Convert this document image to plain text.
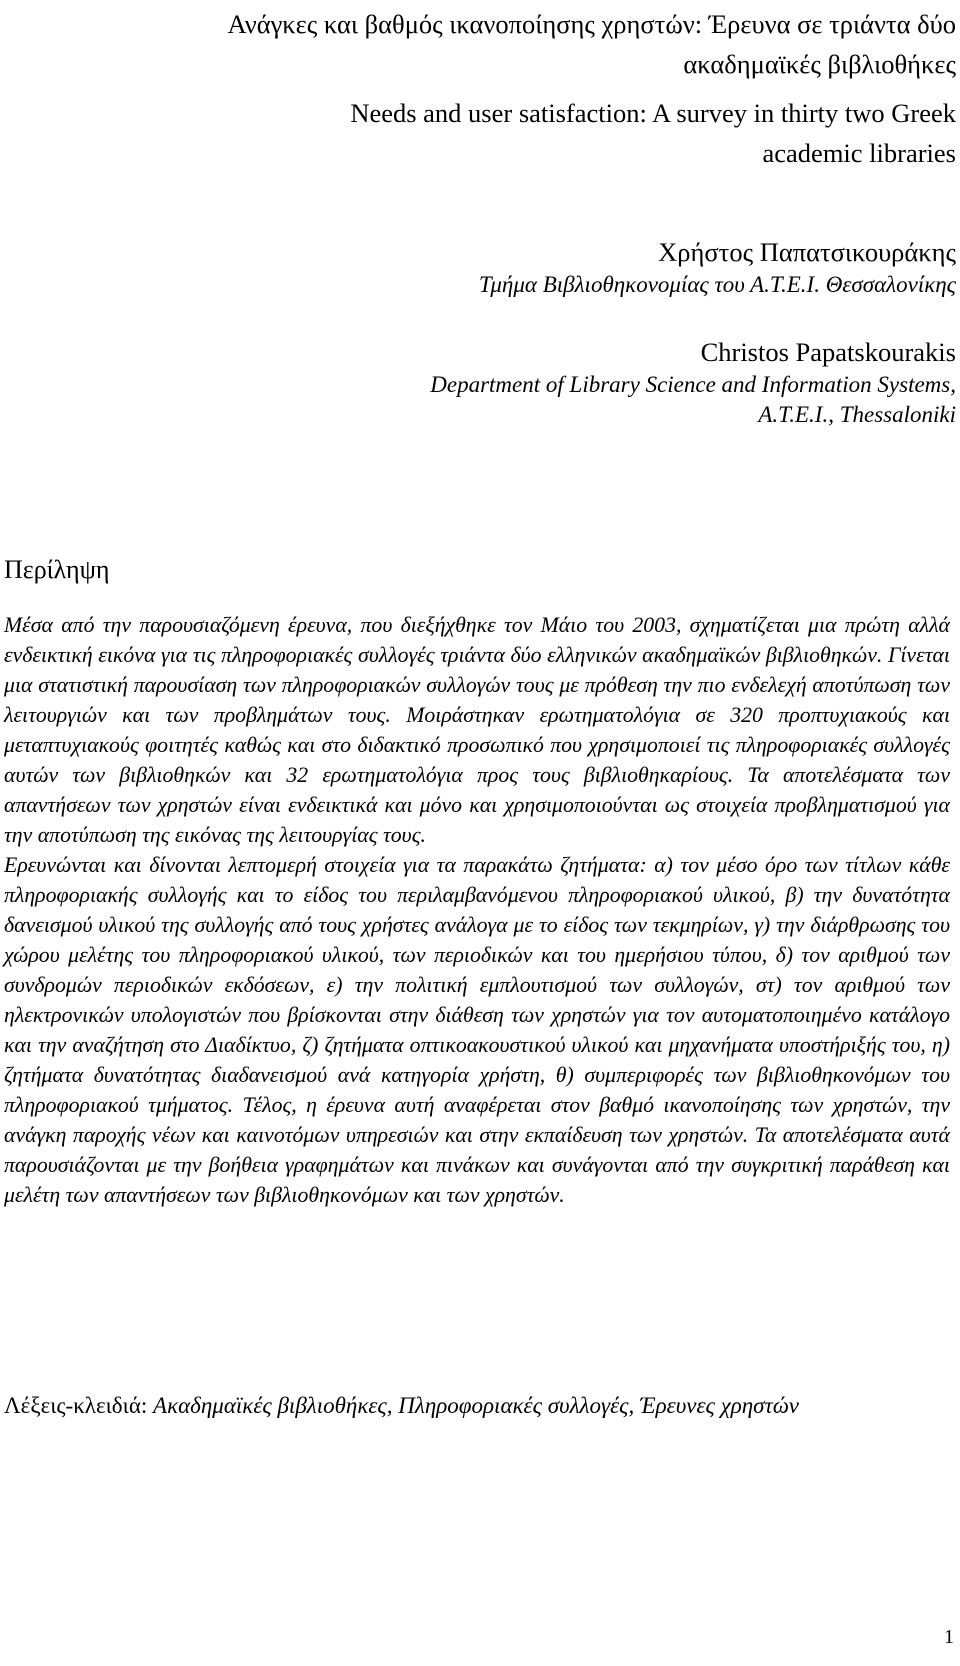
Ανάγκες και βαθμός ικανοποίησης χρηστών: Έρευνα σε τριάντα δύο
ακαδημαϊκές βιβλιοθήκες
Needs and user satisfaction: A survey in thirty two Greek
academic libraries
Χρήστος Παπατσικουράκης
Τμήμα Βιβλιοθηκονομίας του Α.Τ.Ε.Ι. Θεσσαλονίκης
Christos Papatskourakis
Department of Library Science and Information Systems,
A.T.E.I., Thessaloniki
Περίληψη

Μέσα από την παρουσιαζόμενη έρευνα, που διεξήχθηκε τον Μάιο του 2003, σχηματίζεται μια πρώτη αλλά ενδεικτική εικόνα για τις πληροφοριακές συλλογές τριάντα δύο ελληνικών ακαδημαϊκών βιβλιοθηκών. Γίνεται μια στατιστική παρουσίαση των πληροφοριακών συλλογών τους με πρόθεση την πιο ενδελεχή αποτύπωση των λειτουργιών και των προβλημάτων τους. Μοιράστηκαν ερωτηματολόγια σε 320 προπτυχιακούς και μεταπτυχιακούς φοιτητές καθώς και στο διδακτικό προσωπικό που χρησιμοποιεί τις πληροφοριακές συλλογές αυτών των βιβλιοθηκών και 32 ερωτηματολόγια προς τους βιβλιοθηκαρίους. Τα αποτελέσματα των απαντήσεων των χρηστών είναι ενδεικτικά και μόνο και χρησιμοποιούνται ως στοιχεία προβληματισμού για την αποτύπωση της εικόνας της λειτουργίας τους.

Ερευνώνται και δίνονται λεπτομερή στοιχεία για τα παρακάτω ζητήματα: α) τον μέσο όρο των τίτλων κάθε πληροφοριακής συλλογής και το είδος του περιλαμβανόμενου πληροφοριακού υλικού, β) την δυνατότητα δανεισμού υλικού της συλλογής από τους χρήστες ανάλογα με το είδος των τεκμηρίων, γ) την διάρθρωσης του χώρου μελέτης του πληροφοριακού υλικού, των περιοδικών και του ημερήσιου τύπου, δ) τον αριθμού των συνδρομών περιοδικών εκδόσεων, ε) την πολιτική εμπλουτισμού των συλλογών, στ) τον αριθμού των ηλεκτρονικών υπολογιστών που βρίσκονται στην διάθεση των χρηστών για τον αυτοματοποιημένο κατάλογο και την αναζήτηση στο Διαδίκτυο, ζ) ζητήματα οπτικοακουστικού υλικού και μηχανήματα υποστήριξής του, η) ζητήματα δυνατότητας διαδανεισμού ανά κατηγορία χρήστη, θ) συμπεριφορές των βιβλιοθηκονόμων του πληροφοριακού τμήματος. Τέλος, η έρευνα αυτή αναφέρεται στον βαθμό ικανοποίησης των χρηστών, την ανάγκη παροχής νέων και καινοτόμων υπηρεσιών και στην εκπαίδευση των χρηστών. Τα αποτελέσματα αυτά παρουσιάζονται με την βοήθεια γραφημάτων και πινάκων και συνάγονται από την συγκριτική παράθεση και μελέτη των απαντήσεων των βιβλιοθηκονόμων και των χρηστών.

Λέξεις-κλειδιά: Ακαδημαϊκές βιβλιοθήκες, Πληροφοριακές συλλογές, Έρευνες χρηστών
1
